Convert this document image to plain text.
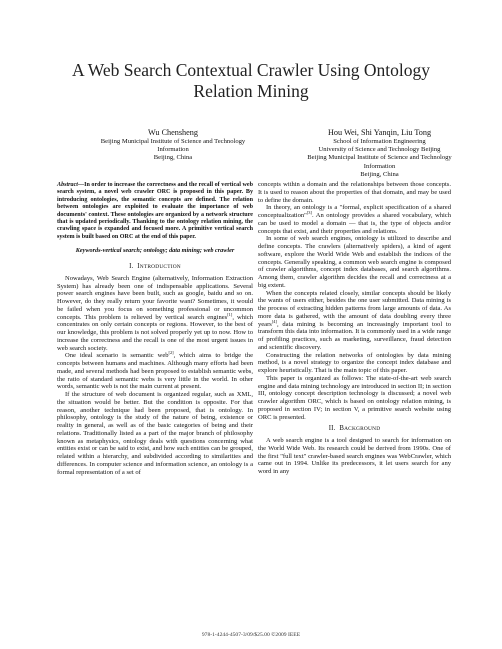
A Web Search Contextual Crawler Using Ontology
Relation Mining
Wu Chensheng
Beijing Municipal Institute of Science and Technology
Information
Beijing, China
Hou Wei, Shi Yanqin, Liu Tong
School of Information Engineering
University of Science and Technology Beijing
Beijing Municipal Institute of Science and Technology
Information
Beijing, China
Abstract—In order to increase the correctness and the recall of vertical web search system, a novel web crawler ORC is proposed in this paper. By introducing ontologies, the semantic concepts are defined. The relation between ontologies are exploited to evaluate the importance of web documents' context. These ontologies are organized by a network structure that is updated periodically. Thanking to the ontology relation mining, the crawling space is expanded and focused more. A primitive vertical search system is built based on ORC at the end of this paper.
Keywords-vertical search; ontology; data mining; web crawler
I. INTRODUCTION

Nowadays, Web Search Engine (alternatively, Information Extraction System) has already been one of indispensable applications. Several power search engines have been built, such as google, baidu and so on. However, do they really return your favorite want? Sometimes, it would be failed when you focus on something professional or uncommon concepts. This problem is relieved by vertical search engines[1], which concentrates on only certain concepts or regions. However, to the best of our knowledge, this problem is not solved properly yet up to now. How to increase the correctness and the recall is one of the most urgent issues in web search society.

One ideal scenario is semantic web[2], which aims to bridge the concepts between humans and machines. Although many efforts had been made, and several methods had been proposed to establish semantic webs, the ratio of standard semantic webs is very little in the world. In other words, semantic web is not the main current at present.

If the structure of web document is organized regular, such as XML, the situation would be better. But the condition is opposite. For that reason, another technique had been proposed, that is ontology. In philosophy, ontology is the study of the nature of being, existence or reality in general, as well as of the basic categories of being and their relations. Traditionally listed as a part of the major branch of philosophy known as metaphysics, ontology deals with questions concerning what entities exist or can be said to exist, and how such entities can be grouped, related within a hierarchy, and subdivided according to similarities and differences. In computer science and information science, an ontology is a formal representation of a set of

concepts within a domain and the relationships between those concepts. It is used to reason about the properties of that domain, and may be used to define the domain.

In theory, an ontology is a "formal, explicit specification of a shared conceptualization"[3]. An ontology provides a shared vocabulary, which can be used to model a domain — that is, the type of objects and/or concepts that exist, and their properties and relations.

In some of web search engines, ontology is utilized to describe and define concepts. The crawlers (alternatively spiders), a kind of agent software, explore the World Wide Web and establish the indices of the concepts. Generally speaking, a common web search engine is composed of crawler algorithms, concept index databases, and search algorithms. Among them, crawler algorithm decides the recall and correctness at a big extent.

When the concepts related closely, similar concepts should be likely the wants of users either, besides the one user submitted. Data mining is the process of extracting hidden patterns from large amounts of data. As more data is gathered, with the amount of data doubling every three years[4], data mining is becoming an increasingly important tool to transform this data into information. It is commonly used in a wide range of profiling practices, such as marketing, surveillance, fraud detection and scientific discovery.

Constructing the relation networks of ontologies by data mining method, is a novel strategy to organize the concept index database and explore heuristically. That is the main topic of this paper.

This paper is organized as follows: The state-of-the-art web search engine and data mining technology are introduced in section II; in section III, ontology concept description technology is discussed; a novel web crawler algorithm ORC, which is based on ontology relation mining, is proposed in section IV; in section V, a primitive search website using ORC is presented.

II. BACKGROUND

A web search engine is a tool designed to search for information on the World Wide Web. Its research could be derived from 1990s. One of the first "full text" crawler-based search engines was WebCrawler, which came out in 1994. Unlike its predecessors, it let users search for any word in any

978-1-4244-4507-3/09/$25.00 ©2009 IEEE
